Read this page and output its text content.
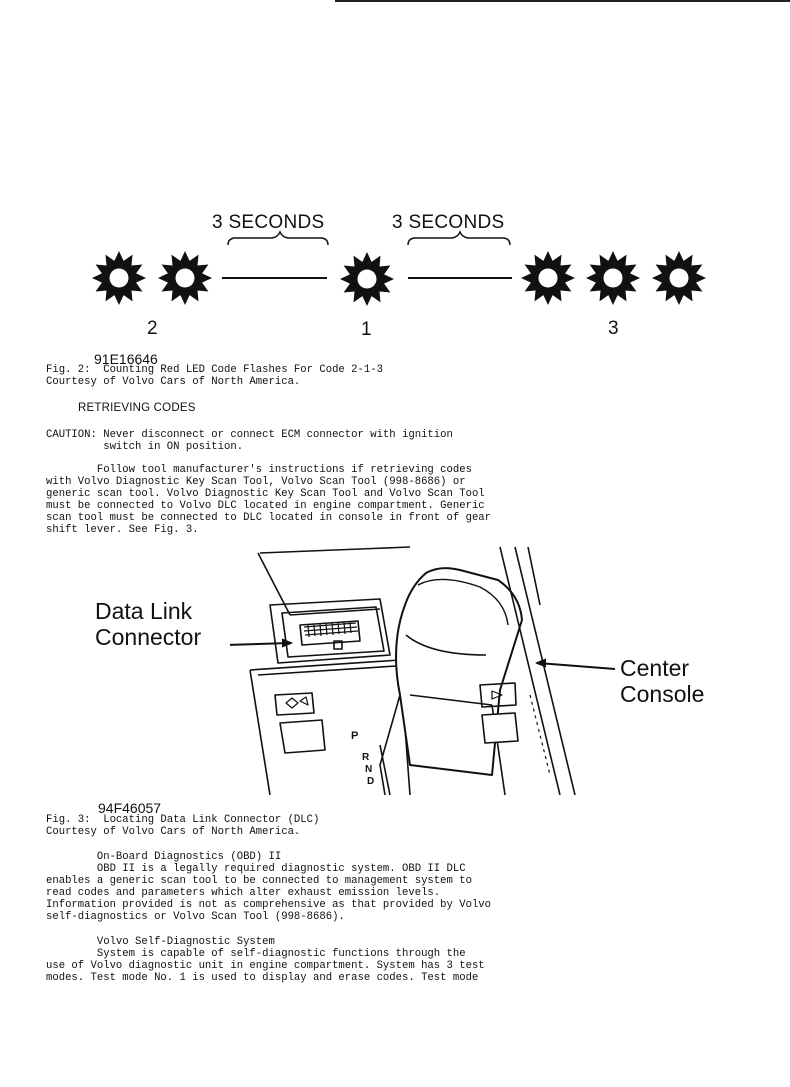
3 SECONDS	3 SECONDS
2	1	3
91E16646
Fig. 2:  Counting Red LED Code Flashes For Code 2-1-3
Courtesy of Volvo Cars of North America.
RETRIEVING CODES
CAUTION: Never disconnect or connect ECM connector with ignition
switch in ON position.
Follow tool manufacturer's instructions if retrieving codes
with Volvo Diagnostic Key Scan Tool, Volvo Scan Tool (998-8686) or
generic scan tool. Volvo Diagnostic Key Scan Tool and Volvo Scan Tool
must be connected to Volvo DLC located in engine compartment. Generic
scan tool must be connected to DLC located in console in front of gear
shift lever. See Fig. 3.
P
R
N
D
Data Link
Connector
Center
Console
94F46057
Fig. 3:  Locating Data Link Connector (DLC)
Courtesy of Volvo Cars of North America.
On-Board Diagnostics (OBD) II
OBD II is a legally required diagnostic system. OBD II DLC
enables a generic scan tool to be connected to management system to
read codes and parameters which alter exhaust emission levels.
Information provided is not as comprehensive as that provided by Volvo
self-diagnostics or Volvo Scan Tool (998-8686).
Volvo Self-Diagnostic System
System is capable of self-diagnostic functions through the
use of Volvo diagnostic unit in engine compartment. System has 3 test
modes. Test mode No. 1 is used to display and erase codes. Test mode
